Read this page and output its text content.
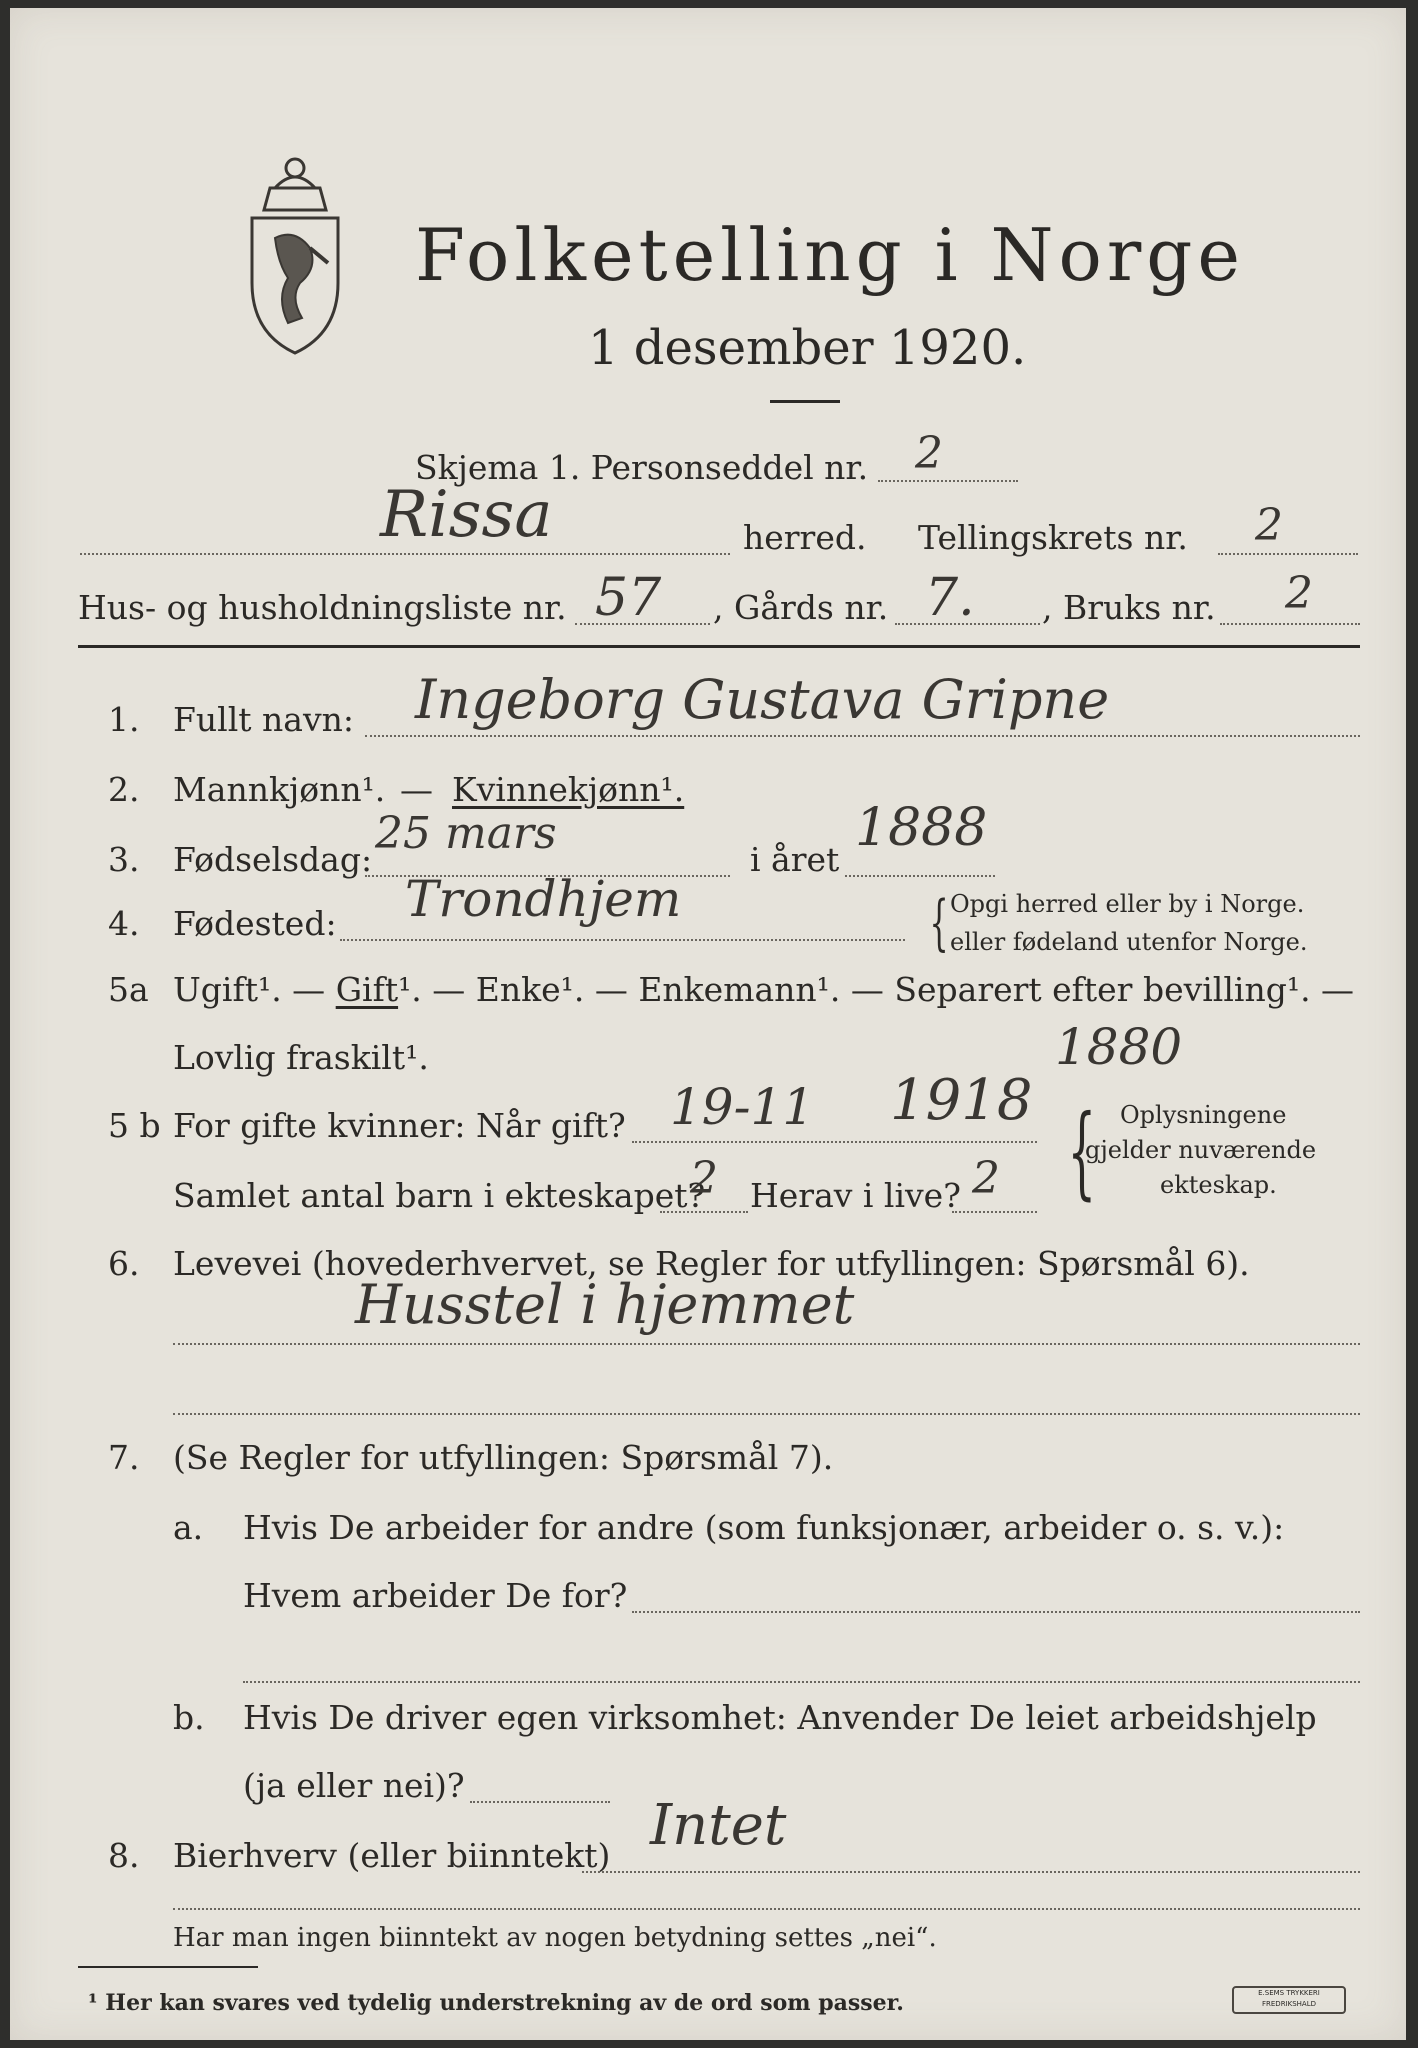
Folketelling i Norge
1 desember 1920.
Skjema 1. Personseddel nr. 2
Rissa	herred. Tellingskrets nr. 2
Hus- og husholdningsliste nr. 57 , Gårds nr. 7. , Bruks nr. 2
1. Fullt navn: Ingeborg Gustava Gripne
2. Mannkjønn¹. — Kvinnekjønn¹.
3. Fødselsdag:
25 mars
i året
1888
4. Fødested: Trondhjem	{ Opgi herred eller by i Norge.
eller fødeland utenfor Norge.
5a Ugift¹. — Gift¹. — Enke¹. — Enkemann¹. — Separert efter bevilling¹. —
Lovlig fraskilt¹.	1880
5 b For gifte kvinner: Når gift? 19-11 1918 { Oplysningene
gjelder nuværende
ekteskap.
Samlet antal barn i ekteskapet?
2 Herav i live? 2
6. Levevei (hovederhvervet, se Regler for utfyllingen: Spørsmål 6).
Husstel i hjemmet
7. (Se Regler for utfyllingen: Spørsmål 7).
a. Hvis De arbeider for andre (som funksjonær, arbeider o. s. v.):
Hvem arbeider De for?
b. Hvis De driver egen virksomhet: Anvender De leiet arbeidshjelp
(ja eller nei)?
8. Bierhverv (eller biinntekt) Intet
Har man ingen biinntekt av nogen betydning settes „nei“.
¹ Her kan svares ved tydelig understrekning av de ord som passer.	E.SEMS TRYKKERI FREDRIKSHALD
